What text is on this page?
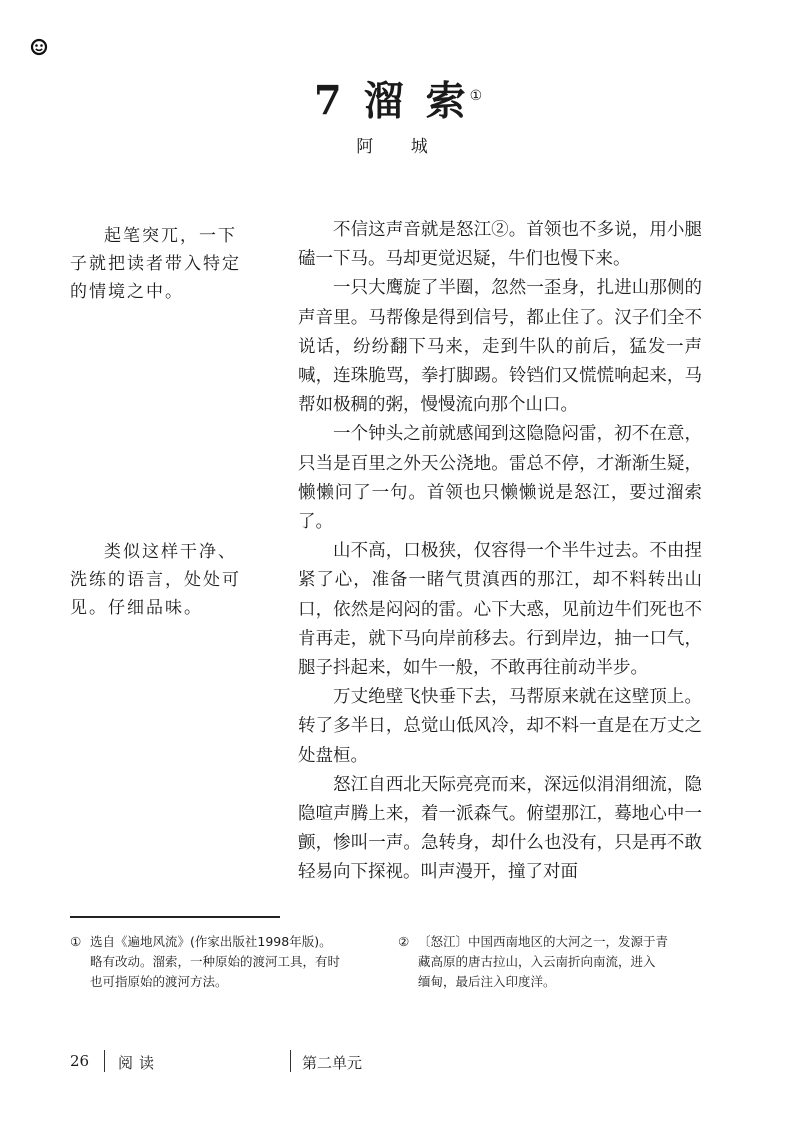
7 溜 索①
阿 城

起笔突兀，一下子就把读者带入特定的情境之中。

类似这样干净、洗练的语言，处处可见。仔细品味。

不信这声音就是怒江②。首领也不多说，用小腿磕一下马。马却更觉迟疑，牛们也慢下来。

一只大鹰旋了半圈，忽然一歪身，扎进山那侧的声音里。马帮像是得到信号，都止住了。汉子们全不说话，纷纷翻下马来，走到牛队的前后，猛发一声喊，连珠脆骂，拳打脚踢。铃铛们又慌慌响起来，马帮如极稠的粥，慢慢流向那个山口。

一个钟头之前就感闻到这隐隐闷雷，初不在意，只当是百里之外天公浇地。雷总不停，才渐渐生疑，懒懒问了一句。首领也只懒懒说是怒江，要过溜索了。

山不高，口极狭，仅容得一个半牛过去。不由捏紧了心，准备一睹气贯滇西的那江，却不料转出山口，依然是闷闷的雷。心下大惑，见前边牛们死也不肯再走，就下马向岸前移去。行到岸边，抽一口气，腿子抖起来，如牛一般，不敢再往前动半步。

万丈绝壁飞快垂下去，马帮原来就在这壁顶上。转了多半日，总觉山低风冷，却不料一直是在万丈之处盘桓。

怒江自西北天际亮亮而来，深远似涓涓细流，隐隐喧声腾上来，着一派森气。俯望那江，蓦地心中一颤，惨叫一声。急转身，却什么也没有，只是再不敢轻易向下探视。叫声漫开，撞了对面

① 选自《遍地风流》(作家出版社1998年版)。
略有改动。溜索，一种原始的渡河工具，有时
也可指原始的渡河方法。
② 〔怒江〕中国西南地区的大河之一，发源于青
藏高原的唐古拉山，入云南折向南流，进入
缅甸，最后注入印度洋。
26 阅读	第二单元
